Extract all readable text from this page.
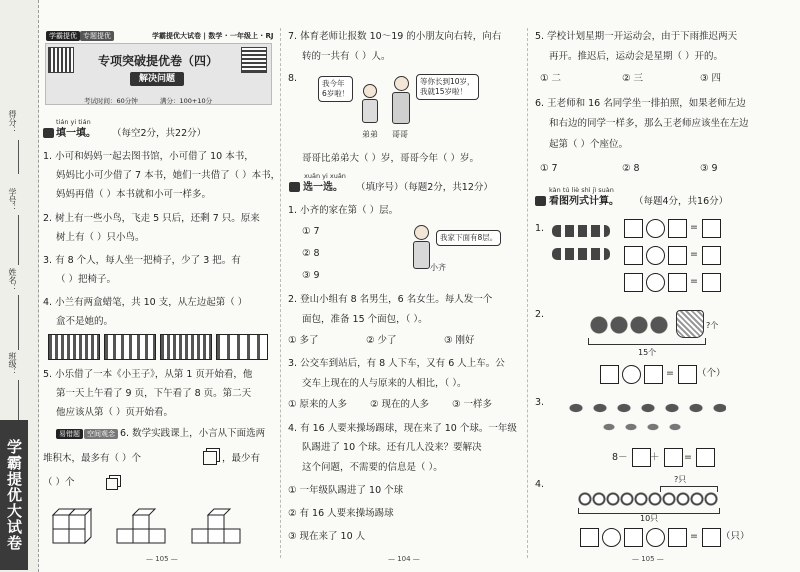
得分：
学号：
姓名：
班级：
学霸提优大试卷
学霸提优 专题提优	学霸提优大试卷 | 数学 · 一年级上 · RJ
专项突破提优卷（四）
解决问题
考试时间：60分钟	满分：100+10分
tián yi tián
填一填。 （每空2分，共22分）
1. 小可和妈妈一起去图书馆，小可借了 10 本书，
妈妈比小可少借了 7 本书，她们一共借了（ ）本书，
妈妈再借（ ）本书就和小可一样多。
2. 树上有一些小鸟，飞走 5 只后，还剩 7 只。原来
树上有（ ）只小鸟。
3. 有 8 个人，每人坐一把椅子，少了 3 把。有
（ ）把椅子。
4. 小兰有两盒蜡笔，共 10 支，从左边起第（ ）
盒不是她的。
5. 小乐借了一本《小王子》，从第 1 页开始看，他
第一天上午看了 9 页，下午看了 8 页。第二天
他应该从第（ ）页开始看。
易错题	空间观念 6. 数学实践课上，小言从下面选两
堆积木，最多有（ ）个	，最少有
（ ）个
— 105 —
7. 体育老师让报数 10～19 的小朋友向右转，向右
转的一共有（ ）人。
8.	我今年
6岁啦！
等你长到10岁，
我就15岁啦！
弟弟 哥哥
哥哥比弟弟大（ ）岁，哥哥今年（ ）岁。
xuǎn yi xuǎn
选一选。 （填序号）（每题2分，共12分）
1. 小齐的家在第（ ）层。
① 7
② 8
③ 9
我家下面有8层。
小齐
2. 登山小组有 8 名男生，6 名女生。每人发一个
面包，准备 15 个面包，（ ）。
① 多了	② 少了	③ 刚好
3. 公交车到站后，有 8 人下车，又有 6 人上车。公
交车上现在的人与原来的人相比，（ ）。
① 原来的人多 ② 现在的人多 ③ 一样多
4. 有 16 人要来操场踢球，现在来了 10 个球。一年级
队踢进了 10 个球。还有几人没来？要解决
这个问题，不需要的信息是（ ）。
① 一年级队踢进了 10 个球
② 有 16 人要来操场踢球
③ 现在来了 10 人
— 104 —
5. 学校计划星期一开运动会，由于下雨推迟两天
再开。推迟后，运动会是星期（ ）开的。
① 二	② 三	③ 四
6. 王老师和 16 名同学坐一排拍照，如果老师左边
和右边的同学一样多，那么王老师应该坐在左边
起第（ ）个座位。
① 7	② 8	③ 9
kàn tú liè shì jì suàn
看图列式计算。 （每题4分，共16分）
1.	=
=
=
2.
?个
15个
= （个）
3.
8－ ＋	=
4.	?只
10只
= （只）
— 105 —
